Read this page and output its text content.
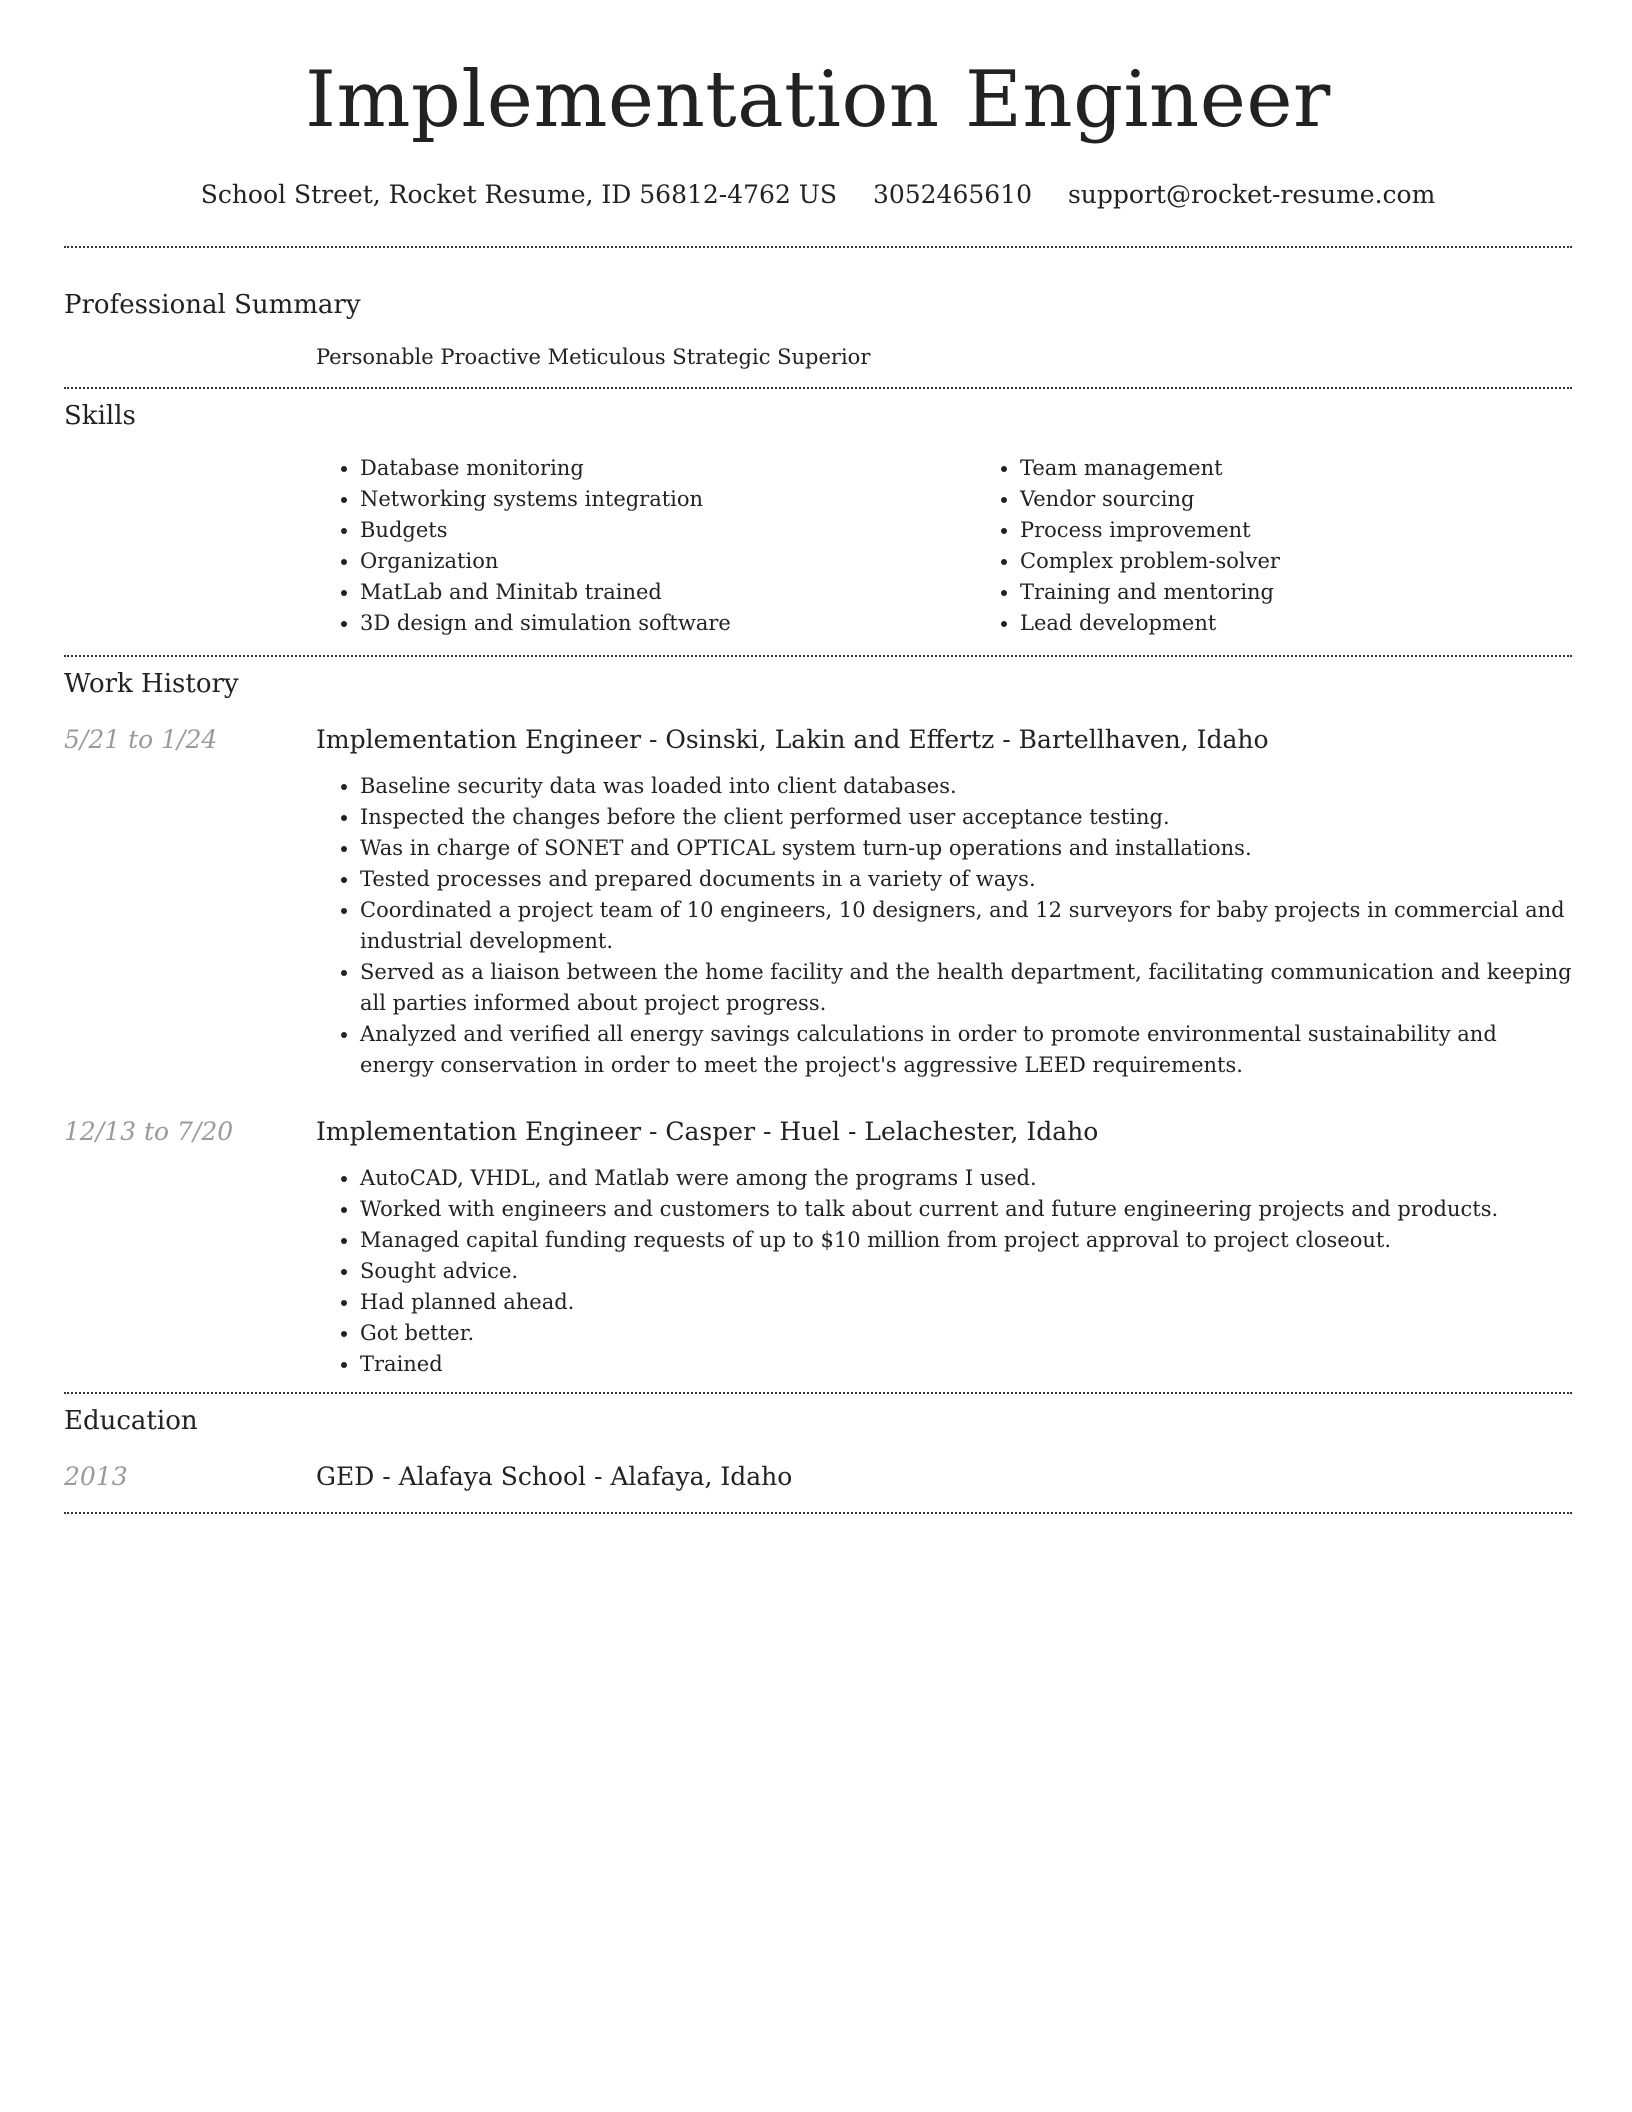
Implementation Engineer
School Street, Rocket Resume, ID 56812-4762 US 3052465610 support@rocket-resume.com
Professional Summary
Personable Proactive Meticulous Strategic Superior
Skills
• Database monitoring
• Networking systems integration
• Budgets
• Organization
• MatLab and Minitab trained
• 3D design and simulation software
• Team management
• Vendor sourcing
• Process improvement
• Complex problem-solver
• Training and mentoring
• Lead development
Work History
5/21 to 1/24	Implementation Engineer - Osinski, Lakin and Effertz - Bartellhaven, Idaho
• Baseline security data was loaded into client databases.
• Inspected the changes before the client performed user acceptance testing.
• Was in charge of SONET and OPTICAL system turn-up operations and installations.
• Tested processes and prepared documents in a variety of ways.
• Coordinated a project team of 10 engineers, 10 designers, and 12 surveyors for baby projects in commercial and industrial development.
• Served as a liaison between the home facility and the health department, facilitating communication and keeping all parties informed about project progress.
• Analyzed and verified all energy savings calculations in order to promote environmental sustainability and energy conservation in order to meet the project's aggressive LEED requirements.
12/13 to 7/20	Implementation Engineer - Casper - Huel - Lelachester, Idaho
• AutoCAD, VHDL, and Matlab were among the programs I used.
• Worked with engineers and customers to talk about current and future engineering projects and products.
• Managed capital funding requests of up to $10 million from project approval to project closeout.
• Sought advice.
• Had planned ahead.
• Got better.
• Trained
Education
2013	GED - Alafaya School - Alafaya, Idaho
